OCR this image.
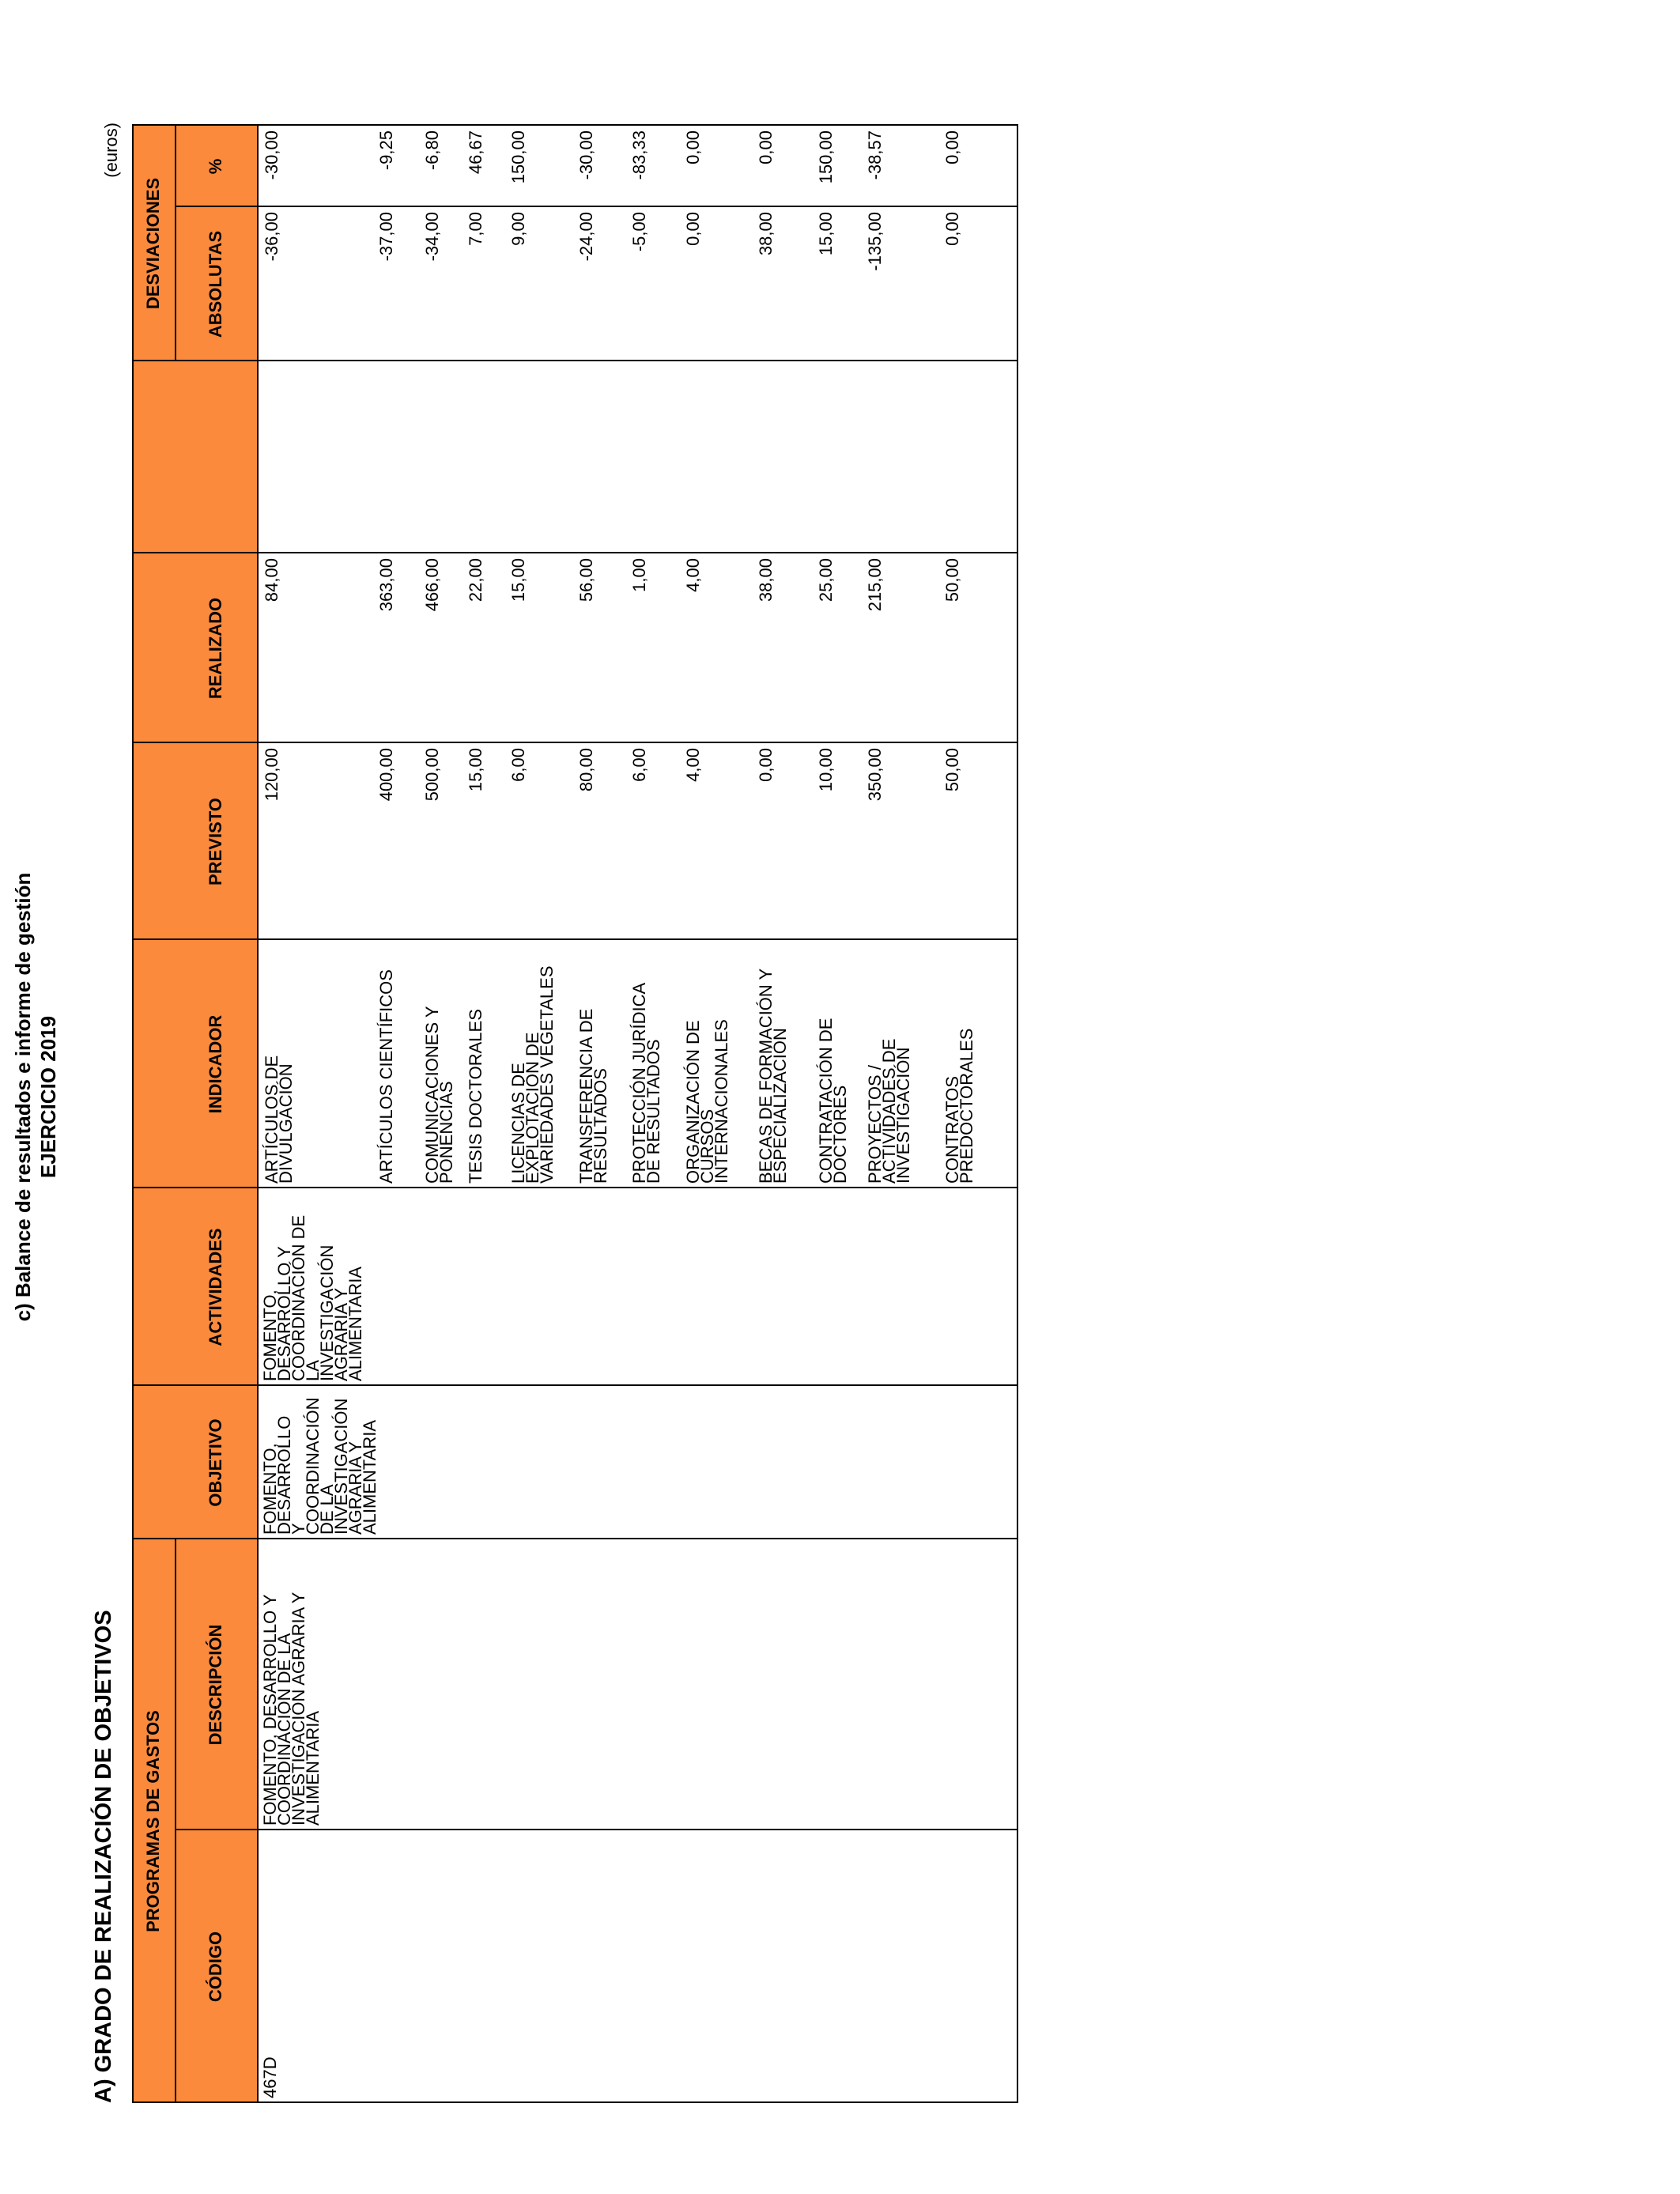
c) Balance de resultados e informe de gestión EJERCICIO 2019
A) GRADO DE REALIZACIÓN DE OBJETIVOS
(euros)
PROGRAMAS DE GASTOS
DESVIACIONES
CÓDIGO
DESCRIPCIÓN
OBJETIVO
ACTIVIDADES
INDICADOR
PREVISTO
REALIZADO
ABSOLUTAS
%
467D
FOMENTO, DESARROLLO Y
COORDINACIÓN DE LA
INVESTIGACIÓN AGRARIA Y
ALIMENTARIA
FOMENTO, DESARROLLO
Y COORDINACIÓN DE LA
INVESTIGACIÓN
AGRARIA Y ALIMENTARIA
FOMENTO,
DESARROLLO Y
COORDINACIÓN DE LA
INVESTIGACIÓN
AGRARIA Y
ALIMENTARIA
ARTÍCULOS DE
DIVULGACIÓN
120,00
84,00
-36,00
-30,00
ARTÍCULOS CIENTÍFICOS
400,00
363,00
-37,00
-9,25
COMUNICACIONES Y
PONENCIAS
500,00
466,00
-34,00
-6,80
TESIS DOCTORALES
15,00
22,00
7,00
46,67
LICENCIAS DE
EXPLOTACIÓN DE
VARIEDADES VEGETALES
6,00
15,00
9,00
150,00
TRANSFERENCIA DE
RESULTADOS
80,00
56,00
-24,00
-30,00
PROTECCIÓN JURÍDICA
DE RESULTADOS
6,00
1,00
-5,00
-83,33
ORGANIZACIÓN DE
CURSOS
INTERNACIONALES
4,00
4,00
0,00
0,00
BECAS DE FORMACIÓN Y
ESPECIALIZACIÓN
0,00
38,00
38,00
0,00
CONTRATACIÓN DE
DOCTORES
10,00
25,00
15,00
150,00
PROYECTOS /
ACTIVIDADES DE
INVESTIGACIÓN
350,00
215,00
-135,00
-38,57
CONTRATOS
PREDOCTORALES
50,00
50,00
0,00
0,00
